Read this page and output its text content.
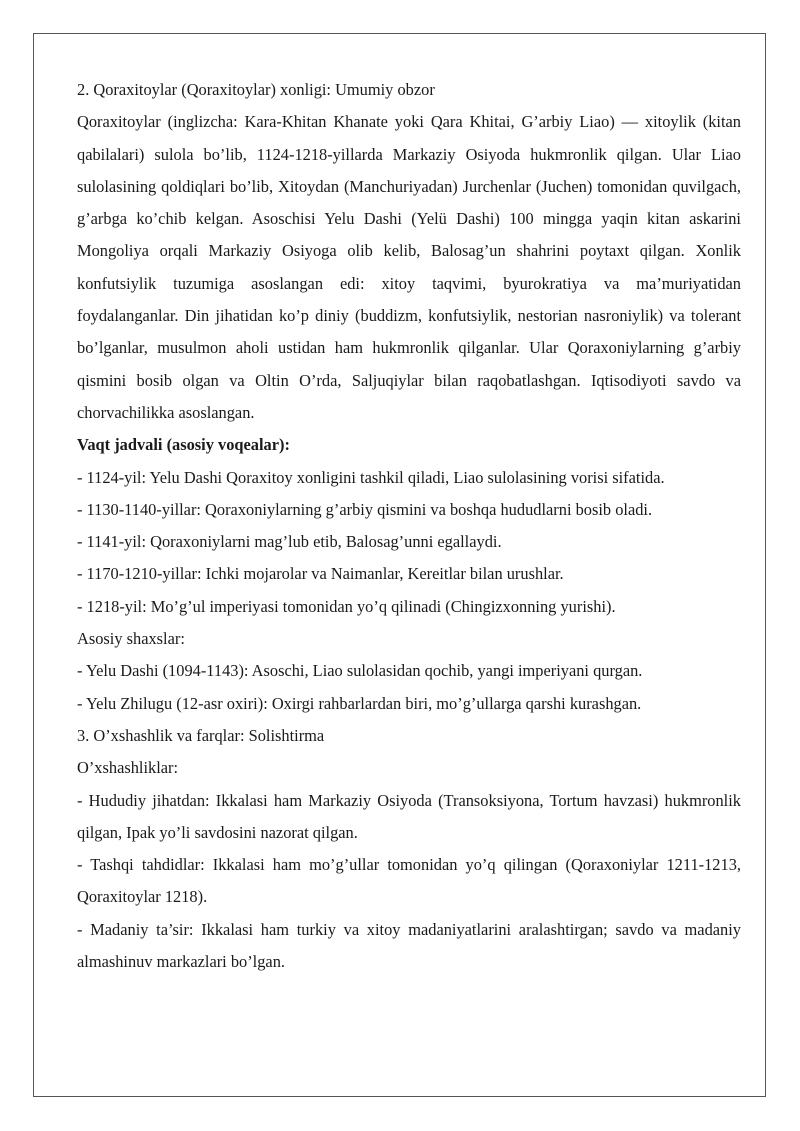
2. Qoraxitoylar (Qoraxitoylar) xonligi: Umumiy obzor

Qoraxitoylar (inglizcha: Kara-Khitan Khanate yoki Qara Khitai, G’arbiy Liao) — xitoylik (kitan qabilalari) sulola bo’lib, 1124-1218-yillarda Markaziy Osiyoda hukmronlik qilgan. Ular Liao sulolasining qoldiqlari bo’lib, Xitoydan (Manchuriyadan) Jurchenlar (Juchen) tomonidan quvilgach, g’arbga ko’chib kelgan. Asoschisi Yelu Dashi (Yelü Dashi) 100 mingga yaqin kitan askarini Mongoliya orqali Markaziy Osiyoga olib kelib, Balosag’un shahrini poytaxt qilgan. Xonlik konfutsiylik tuzumiga asoslangan edi: xitoy taqvimi, byurokratiya va ma’muriyatidan foydalanganlar. Din jihatidan ko’p diniy (buddizm, konfutsiylik, nestorian nasroniylik) va tolerant bo’lganlar, musulmon aholi ustidan ham hukmronlik qilganlar. Ular Qoraxoniylarning g’arbiy qismini bosib olgan va Oltin O’rda, Saljuqiylar bilan raqobatlashgan. Iqtisodiyoti savdo va chorvachilikka asoslangan.

Vaqt jadvali (asosiy voqealar):

- 1124-yil: Yelu Dashi Qoraxitoy xonligini tashkil qiladi, Liao sulolasining vorisi sifatida.

- 1130-1140-yillar: Qoraxoniylarning g’arbiy qismini va boshqa hududlarni bosib oladi.

- 1141-yil: Qoraxoniylarni mag’lub etib, Balosag’unni egallaydi.

- 1170-1210-yillar: Ichki mojarolar va Naimanlar, Kereitlar bilan urushlar.

- 1218-yil: Mo’g’ul imperiyasi tomonidan yo’q qilinadi (Chingizxonning yurishi).

Asosiy shaxslar:

- Yelu Dashi (1094-1143): Asoschi, Liao sulolasidan qochib, yangi imperiyani qurgan.

- Yelu Zhilugu (12-asr oxiri): Oxirgi rahbarlardan biri, mo’g’ullarga qarshi kurashgan.

3. O’xshashlik va farqlar: Solishtirma

O’xshashliklar:

- Hududiy jihatdan: Ikkalasi ham Markaziy Osiyoda (Transoksiyona, Tortum havzasi) hukmronlik qilgan, Ipak yo’li savdosini nazorat qilgan.

- Tashqi tahdidlar: Ikkalasi ham mo’g’ullar tomonidan yo’q qilingan (Qoraxoniylar 1211-1213, Qoraxitoylar 1218).

- Madaniy ta’sir: Ikkalasi ham turkiy va xitoy madaniyatlarini aralashtirgan; savdo va madaniy almashinuv markazlari bo’lgan.
